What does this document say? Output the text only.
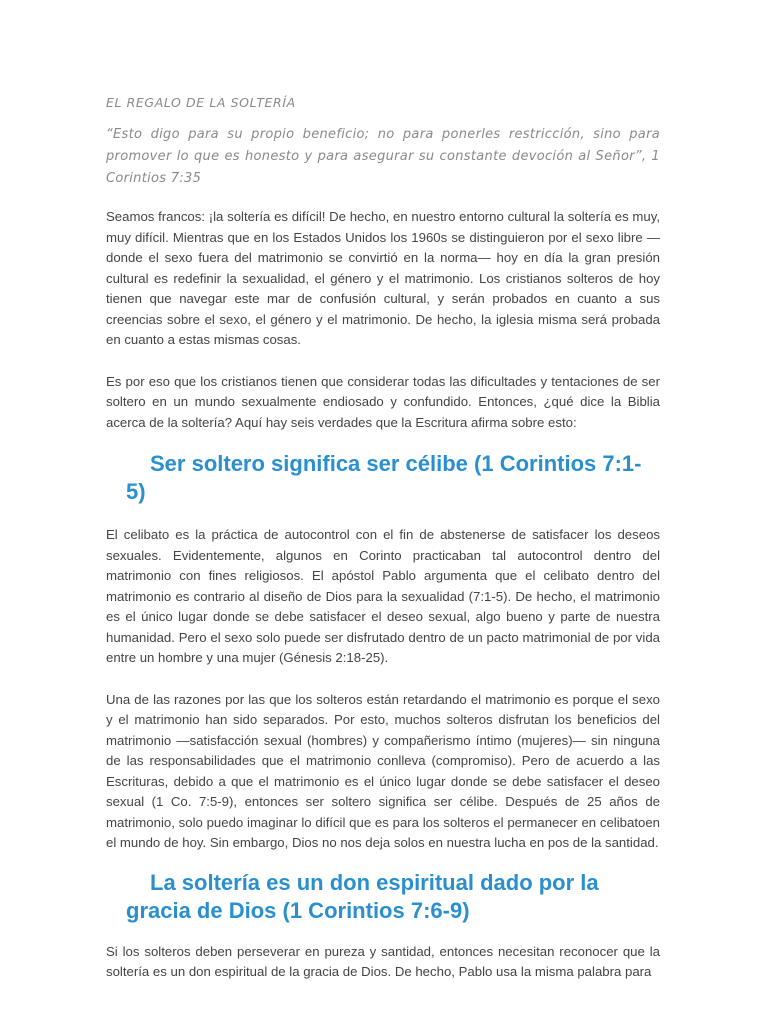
EL REGALO DE LA SOLTERÍA

“Esto digo para su propio beneficio; no para ponerles restricción, sino para promover lo que es honesto y para asegurar su constante devoción al Señor”, 1 Corintios 7:35

Seamos francos: ¡la soltería es difícil! De hecho, en nuestro entorno cultural la soltería es muy, muy difícil. Mientras que en los Estados Unidos los 1960s se distinguieron por el sexo libre — donde el sexo fuera del matrimonio se convirtió en la norma— hoy en día la gran presión cultural es redefinir la sexualidad, el género y el matrimonio. Los cristianos solteros de hoy tienen que navegar este mar de confusión cultural, y serán probados en cuanto a sus creencias sobre el sexo, el género y el matrimonio. De hecho, la iglesia misma será probada en cuanto a estas mismas cosas.

Es por eso que los cristianos tienen que considerar todas las dificultades y tentaciones de ser soltero en un mundo sexualmente endiosado y confundido. Entonces, ¿qué dice la Biblia acerca de la soltería? Aquí hay seis verdades que la Escritura afirma sobre esto:

Ser soltero significa ser célibe (1 Corintios 7:1-5)

El celibato es la práctica de autocontrol con el fin de abstenerse de satisfacer los deseos sexuales. Evidentemente, algunos en Corinto practicaban tal autocontrol dentro del matrimonio con fines religiosos. El apóstol Pablo argumenta que el celibato dentro del matrimonio es contrario al diseño de Dios para la sexualidad (7:1-5). De hecho, el matrimonio es el único lugar donde se debe satisfacer el deseo sexual, algo bueno y parte de nuestra humanidad. Pero el sexo solo puede ser disfrutado dentro de un pacto matrimonial de por vida entre un hombre y una mujer (Génesis 2:18-25).

Una de las razones por las que los solteros están retardando el matrimonio es porque el sexo y el matrimonio han sido separados. Por esto, muchos solteros disfrutan los beneficios del matrimonio —satisfacción sexual (hombres) y compañerismo íntimo (mujeres)— sin ninguna de las responsabilidades que el matrimonio conlleva (compromiso). Pero de acuerdo a las Escrituras, debido a que el matrimonio es el único lugar donde se debe satisfacer el deseo sexual (1 Co. 7:5-9), entonces ser soltero significa ser célibe. Después de 25 años de matrimonio, solo puedo imaginar lo difícil que es para los solteros el permanecer en celibatoen el mundo de hoy. Sin embargo, Dios no nos deja solos en nuestra lucha en pos de la santidad.

La soltería es un don espiritual dado por la gracia de Dios (1 Corintios 7:6-9)

Si los solteros deben perseverar en pureza y santidad, entonces necesitan reconocer que la soltería es un don espiritual de la gracia de Dios. De hecho, Pablo usa la misma palabra para
